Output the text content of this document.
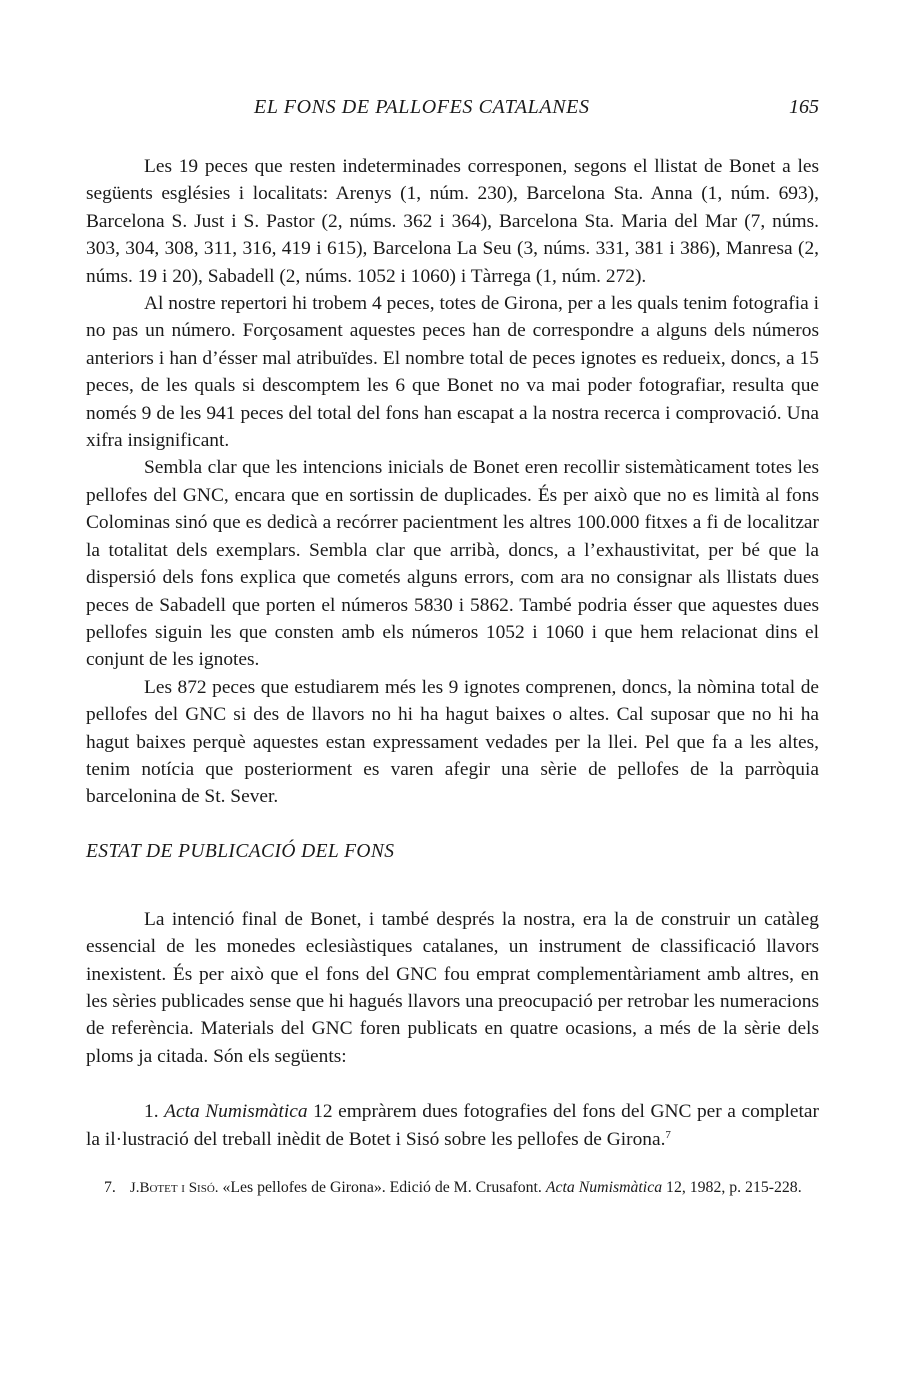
EL FONS DE PALLOFES CATALANES	165

Les 19 peces que resten indeterminades corresponen, segons el llistat de Bonet a les següents esglésies i localitats: Arenys (1, núm. 230), Barcelona Sta. Anna (1, núm. 693), Barcelona S. Just i S. Pastor (2, núms. 362 i 364), Barcelona Sta. Maria del Mar (7, núms. 303, 304, 308, 311, 316, 419 i 615), Barcelona La Seu (3, núms. 331, 381 i 386), Manresa (2, núms. 19 i 20), Sabadell (2, núms. 1052 i 1060) i Tàrrega (1, núm. 272).

Al nostre repertori hi trobem 4 peces, totes de Girona, per a les quals tenim fotografia i no pas un número. Forçosament aquestes peces han de correspondre a alguns dels números anteriors i han d’ésser mal atribuïdes. El nombre total de peces ignotes es redueix, doncs, a 15 peces, de les quals si descomptem les 6 que Bonet no va mai poder fotografiar, resulta que només 9 de les 941 peces del total del fons han escapat a la nostra recerca i comprovació. Una xifra insignificant.

Sembla clar que les intencions inicials de Bonet eren recollir sistemàticament totes les pellofes del GNC, encara que en sortissin de duplicades. És per això que no es limità al fons Colominas sinó que es dedicà a recórrer pacientment les altres 100.000 fitxes a fi de localitzar la totalitat dels exemplars. Sembla clar que arribà, doncs, a l’exhaustivitat, per bé que la dispersió dels fons explica que cometés alguns errors, com ara no consignar als llistats dues peces de Sabadell que porten el números 5830 i 5862. També podria ésser que aquestes dues pellofes siguin les que consten amb els números 1052 i 1060 i que hem relacionat dins el conjunt de les ignotes.

Les 872 peces que estudiarem més les 9 ignotes comprenen, doncs, la nòmina total de pellofes del GNC si des de llavors no hi ha hagut baixes o altes. Cal suposar que no hi ha hagut baixes perquè aquestes estan expressament vedades per la llei. Pel que fa a les altes, tenim notícia que posteriorment es varen afegir una sèrie de pellofes de la parròquia barcelonina de St. Sever.

ESTAT DE PUBLICACIÓ DEL FONS

La intenció final de Bonet, i també després la nostra, era la de construir un catàleg essencial de les monedes eclesiàstiques catalanes, un instrument de classificació llavors inexistent. És per això que el fons del GNC fou emprat complementàriament amb altres, en les sèries publicades sense que hi hagués llavors una preocupació per retrobar les numeracions de referència. Materials del GNC foren publicats en quatre ocasions, a més de la sèrie dels ploms ja citada. Són els següents:

1. Acta Numismàtica 12 empràrem dues fotografies del fons del GNC per a completar la il·lustració del treball inèdit de Botet i Sisó sobre les pellofes de Girona.$^7$

7. J.Botet i Sisó. «Les pellofes de Girona». Edició de M. Crusafont. Acta Numismàtica 12, 1982, p. 215-228.
